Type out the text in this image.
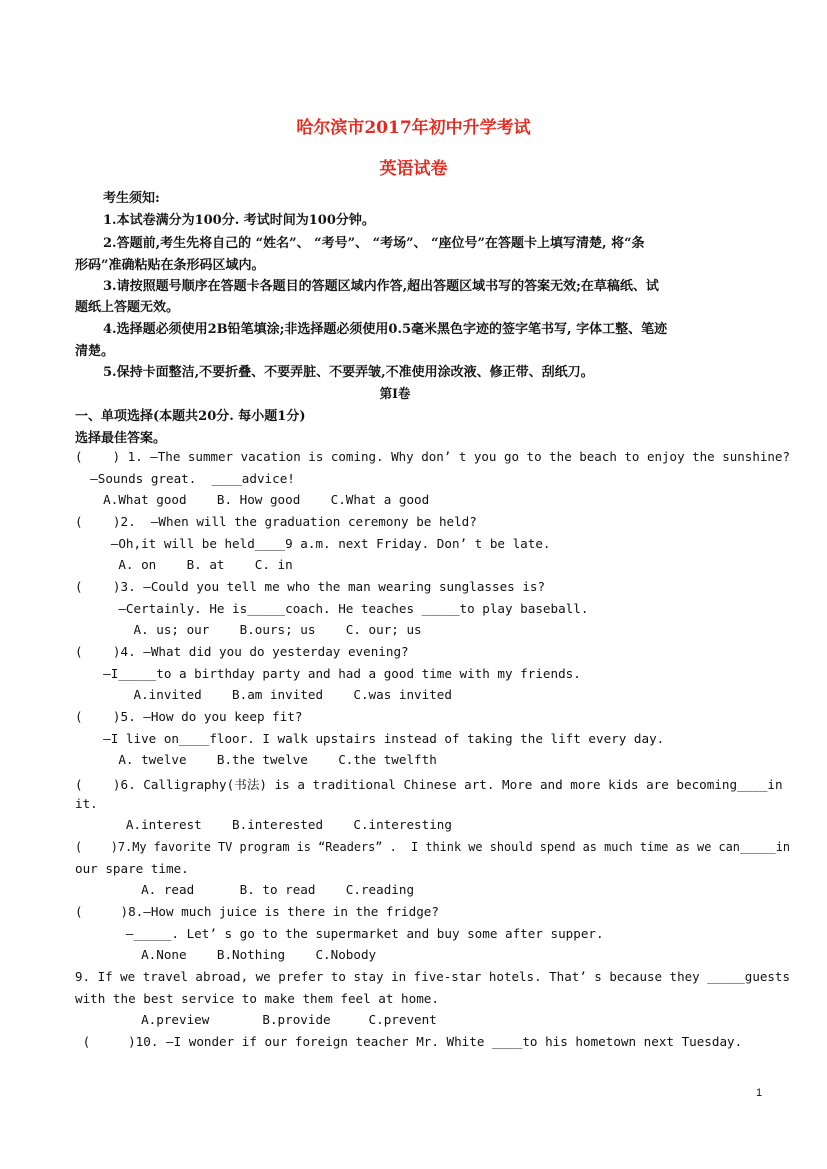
哈尔滨市2017年初中升学考试
英语试卷
考生须知:
1.本试卷满分为100分. 考试时间为100分钟。
2.答题前,考生先将自己的 “姓名”、 “考号”、 “考场”、 “座位号”在答题卡上填写清楚, 将“条
形码”准确粘贴在条形码区域内。
3.请按照题号顺序在答题卡各题目的答题区域内作答,超出答题区域书写的答案无效;在草稿纸、试
题纸上答题无效。
4.选择题必须使用2B铅笔填涂;非选择题必须使用0.5毫米黑色字迹的签字笔书写, 字体工整、笔迹
清楚。
5.保持卡面整洁,不要折叠、不要弄脏、不要弄皱,不准使用涂改液、修正带、刮纸刀。
第I卷
一、单项选择(本题共20分. 每小题1分)
选择最佳答案。
(    ) 1. —The summer vacation is coming. Why don’ t you go to the beach to enjoy the sunshine?
—Sounds great.  ____advice!
A.What good    B. How good    C.What a good
(    )2.  —When will the graduation ceremony be held?
—Oh,it will be held____9 a.m. next Friday. Don’ t be late.
A. on    B. at    C. in
(    )3. —Could you tell me who the man wearing sunglasses is?
—Certainly. He is_____coach. He teaches _____to play baseball.
A. us; our    B.ours; us    C. our; us
(    )4. —What did you do yesterday evening?
—I_____to a birthday party and had a good time with my friends.
A.invited    B.am invited    C.was invited
(    )5. —How do you keep fit?
—I live on____floor. I walk upstairs instead of taking the lift every day.
A. twelve    B.the twelve    C.the twelfth
(    )6. Calligraphy(书法) is a traditional Chinese art. More and more kids are becoming____in
it.
A.interest    B.interested    C.interesting
(    )7.My favorite TV program is “Readers” .  I think we should spend as much time as we can_____in
our spare time.
A. read      B. to read    C.reading
(     )8.—How much juice is there in the fridge?
—_____. Let’ s go to the supermarket and buy some after supper.
A.None    B.Nothing    C.Nobody
9. If we travel abroad, we prefer to stay in five-star hotels. That’ s because they _____guests
with the best service to make them feel at home.
A.preview       B.provide     C.prevent
(     )10. —I wonder if our foreign teacher Mr. White ____to his hometown next Tuesday.
1
